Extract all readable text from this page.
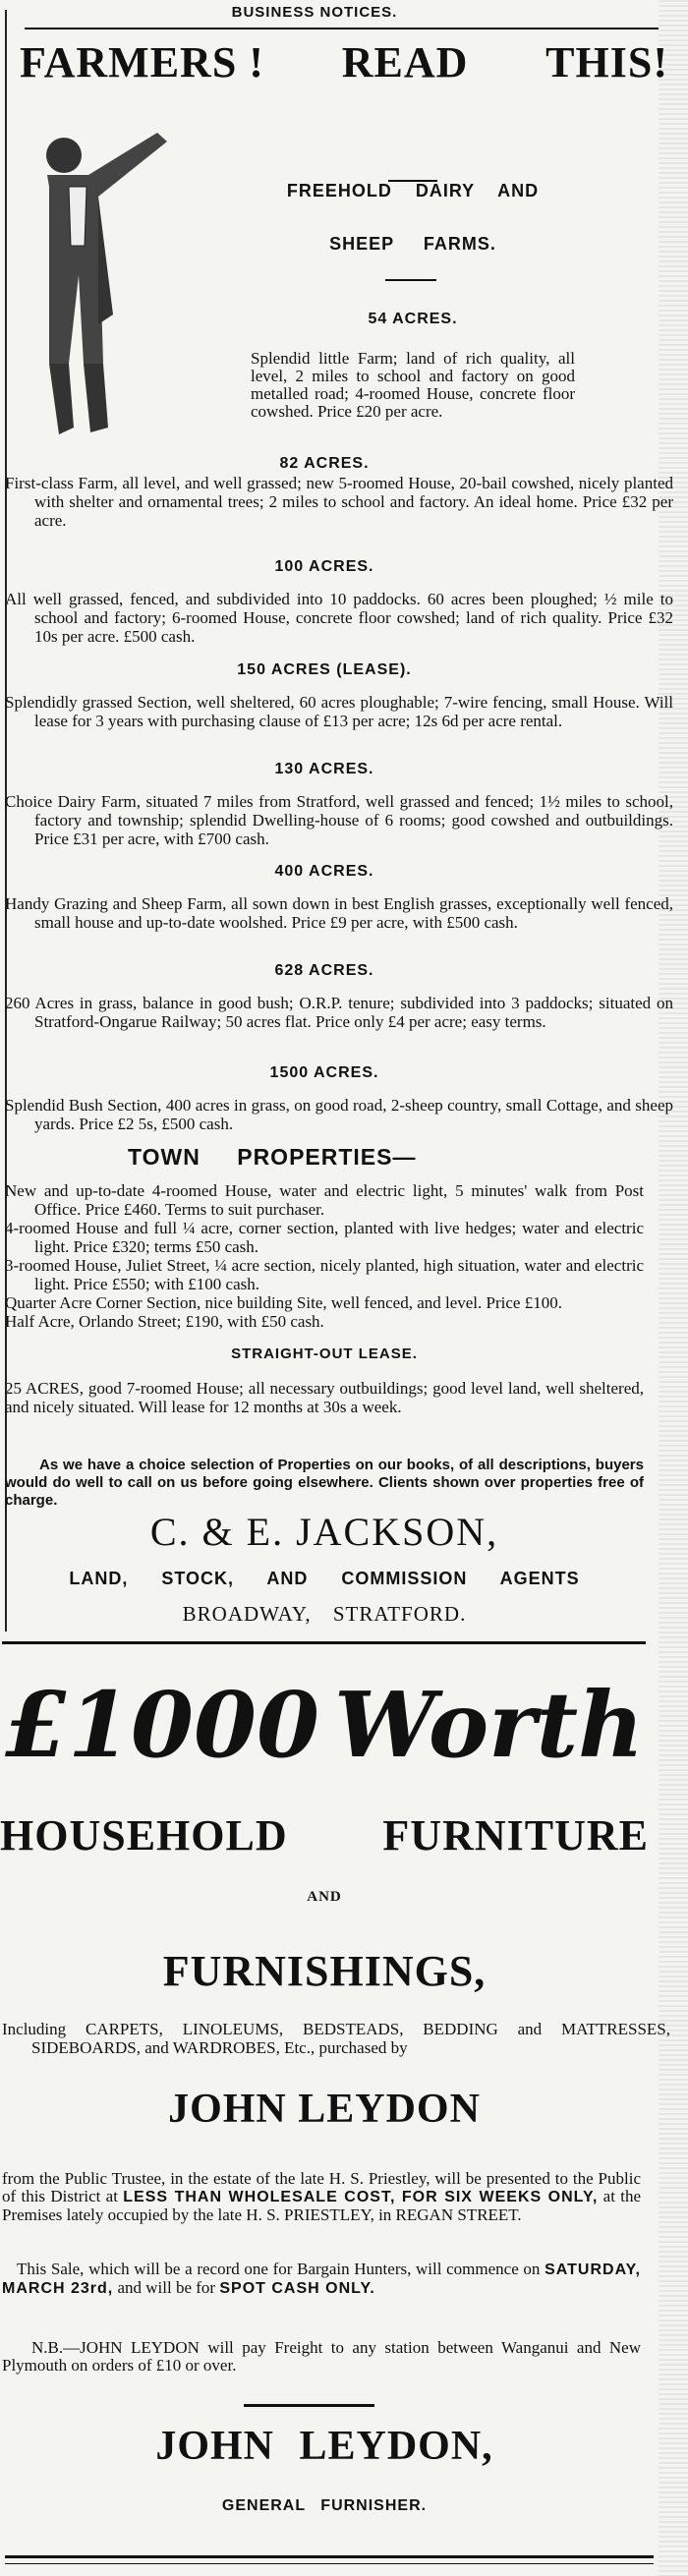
BUSINESS NOTICES.
FARMERS ! READ THIS!
FREEHOLD DAIRY AND
SHEEP FARMS.
54 ACRES.
Splendid little Farm; land of rich quality, all level, 2 miles to school and factory on good metalled road; 4-roomed House, concrete floor cowshed. Price £20 per acre.
82 ACRES.
First-class Farm, all level, and well grassed; new 5-roomed House, 20-bail cowshed, nicely planted with shelter and ornamental trees; 2 miles to school and factory. An ideal home. Price £32 per acre.
100 ACRES.
All well grassed, fenced, and subdivided into 10 paddocks. 60 acres been ploughed; ½ mile to school and factory; 6-roomed House, concrete floor cowshed; land of rich quality. Price £32 10s per acre. £500 cash.
150 ACRES (LEASE).
Splendidly grassed Section, well sheltered, 60 acres ploughable; 7-wire fencing, small House. Will lease for 3 years with purchasing clause of £13 per acre; 12s 6d per acre rental.
130 ACRES.
Choice Dairy Farm, situated 7 miles from Stratford, well grassed and fenced; 1½ miles to school, factory and township; splendid Dwelling-house of 6 rooms; good cowshed and outbuildings. Price £31 per acre, with £700 cash.
400 ACRES.
Handy Grazing and Sheep Farm, all sown down in best English grasses, exceptionally well fenced, small house and up-to-date woolshed. Price £9 per acre, with £500 cash.
628 ACRES.
260 Acres in grass, balance in good bush; O.R.P. tenure; subdivided into 3 paddocks; situated on Stratford-Ongarue Railway; 50 acres flat. Price only £4 per acre; easy terms.
1500 ACRES.
Splendid Bush Section, 400 acres in grass, on good road, 2-sheep country, small Cottage, and sheep yards. Price £2 5s, £500 cash.
TOWN PROPERTIES—
New and up-to-date 4-roomed House, water and electric light, 5 minutes' walk from Post Office. Price £460. Terms to suit purchaser.
4-roomed House and full ¼ acre, corner section, planted with live hedges; water and electric light. Price £320; terms £50 cash.
3-roomed House, Juliet Street, ¼ acre section, nicely planted, high situation, water and electric light. Price £550; with £100 cash.
Quarter Acre Corner Section, nice building Site, well fenced, and level. Price £100.
Half Acre, Orlando Street; £190, with £50 cash.
STRAIGHT-OUT LEASE.
25 ACRES, good 7-roomed House; all necessary outbuildings; good level land, well sheltered, and nicely situated. Will lease for 12 months at 30s a week.
As we have a choice selection of Properties on our books, of all descriptions, buyers would do well to call on us before going elsewhere. Clients shown over properties free of charge.
C. & E. JACKSON,
LAND, STOCK, AND COMMISSION AGENTS
BROADWAY, STRATFORD.
£1000 Worth
HOUSEHOLD FURNITURE
AND
FURNISHINGS,
Including CARPETS, LINOLEUMS, BEDSTEADS, BEDDING and MATTRESSES, SIDEBOARDS, and WARDROBES, Etc., purchased by
JOHN LEYDON
from the Public Trustee, in the estate of the late H. S. Priestley, will be presented to the Public of this District at LESS THAN WHOLESALE COST, FOR SIX WEEKS ONLY, at the Premises lately occupied by the late H. S. PRIESTLEY, in REGAN STREET.
This Sale, which will be a record one for Bargain Hunters, will commence on SATURDAY, MARCH 23rd, and will be for SPOT CASH ONLY.
N.B.—JOHN LEYDON will pay Freight to any station between Wanganui and New Plymouth on orders of £10 or over.
JOHN LEYDON,
GENERAL FURNISHER.
